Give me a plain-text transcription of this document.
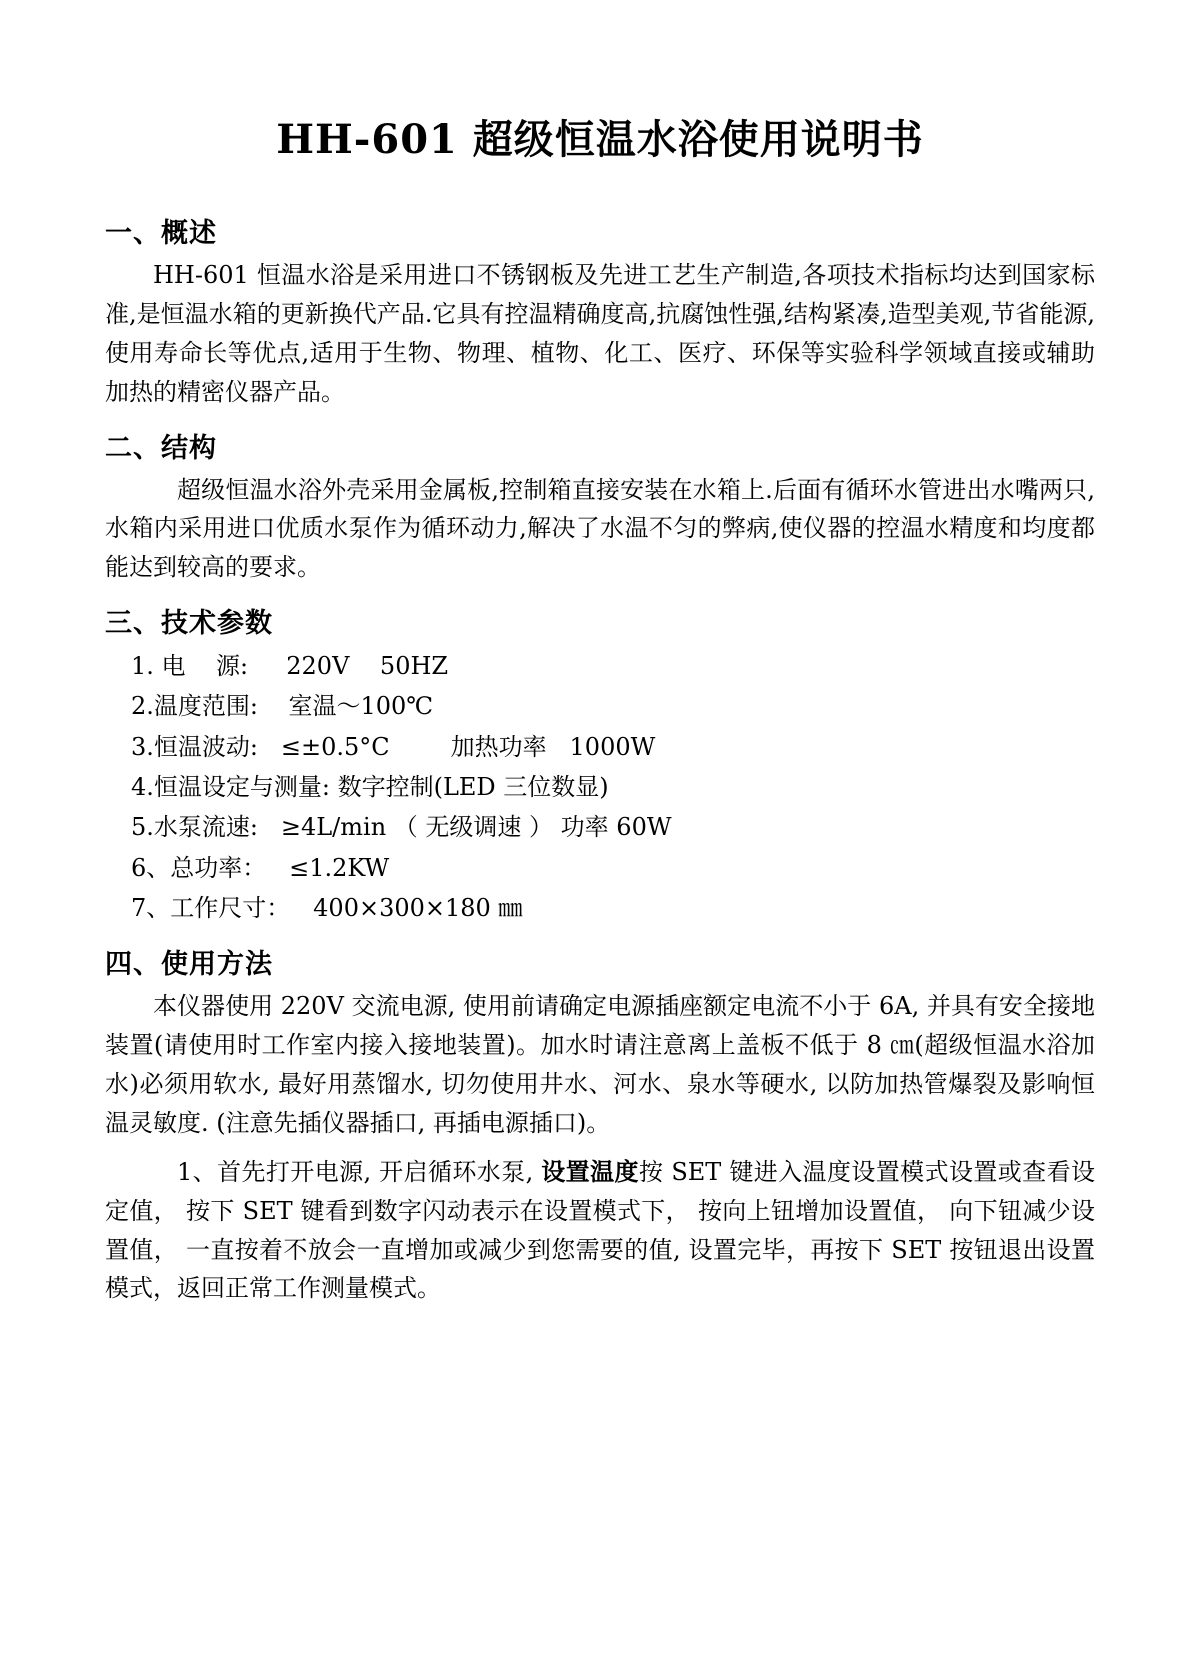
HH-601 超级恒温水浴使用说明书
一、概述

HH-601 恒温水浴是采用进口不锈钢板及先进工艺生产制造,各项技术指标均达到国家标准,是恒温水箱的更新换代产品.它具有控温精确度高,抗腐蚀性强,结构紧凑,造型美观,节省能源,使用寿命长等优点,适用于生物、物理、植物、化工、医疗、环保等实验科学领域直接或辅助加热的精密仪器产品。

二、结构

超级恒温水浴外壳采用金属板,控制箱直接安装在水箱上.后面有循环水管进出水嘴两只,水箱内采用进口优质水泵作为循环动力,解决了水温不匀的弊病,使仪器的控温水精度和均度都能达到较高的要求。

三、技术参数
1. 电    源:     220V    50HZ
2.温度范围:    室温～100℃
3.恒温波动:   ≤±0.5°C        加热功率   1000W
4.恒温设定与测量: 数字控制(LED 三位数显)
5.水泵流速:   ≥4L/min （ 无级调速 ） 功率 60W
6、总功率：   ≤1.2KW
7、工作尺寸：   400×300×180 ㎜
四、使用方法

本仪器使用 220V 交流电源, 使用前请确定电源插座额定电流不小于 6A, 并具有安全接地装置(请使用时工作室内接入接地装置)。加水时请注意离上盖板不低于 8 ㎝(超级恒温水浴加水)必须用软水, 最好用蒸馏水, 切勿使用井水、河水、泉水等硬水, 以防加热管爆裂及影响恒温灵敏度. (注意先插仪器插口, 再插电源插口)。

1、首先打开电源, 开启循环水泵, 设置温度按 SET 键进入温度设置模式设置或查看设定值， 按下 SET 键看到数字闪动表示在设置模式下， 按向上钮增加设置值， 向下钮减少设置值， 一直按着不放会一直增加或减少到您需要的值, 设置完毕，再按下 SET 按钮退出设置模式，返回正常工作测量模式。
